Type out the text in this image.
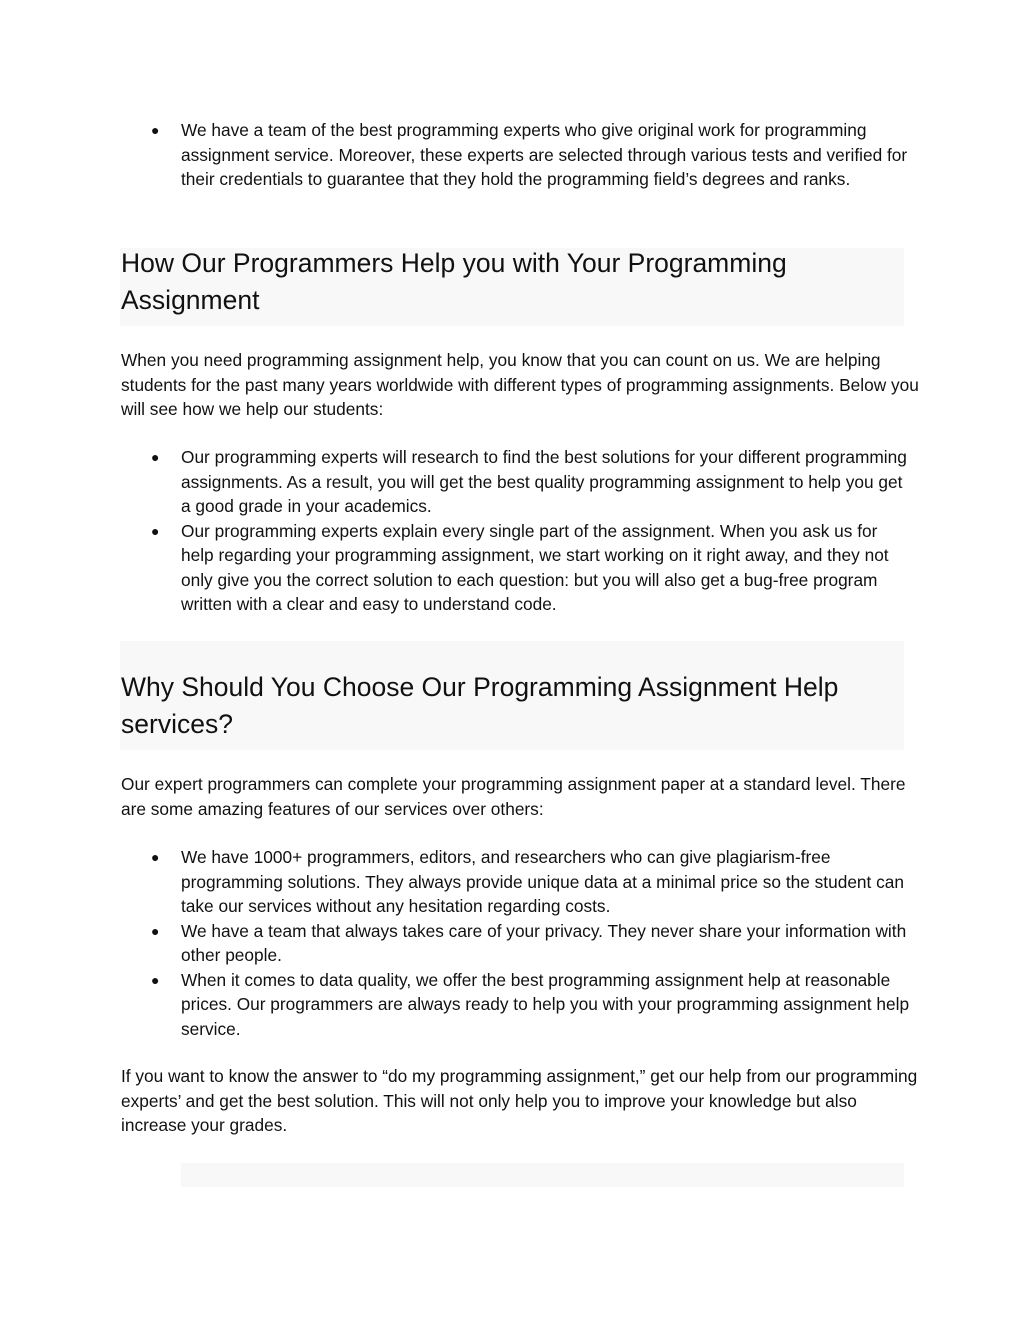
● We have a team of the best programming experts who give original work for programming assignment service. Moreover, these experts are selected through various tests and verified for their credentials to guarantee that they hold the programming field’s degrees and ranks.
How Our Programmers Help you with Your Programming Assignment

When you need programming assignment help, you know that you can count on us. We are helping students for the past many years worldwide with different types of programming assignments. Below you will see how we help our students:

● Our programming experts will research to find the best solutions for your different programming assignments. As a result, you will get the best quality programming assignment to help you get a good grade in your academics.
● Our programming experts explain every single part of the assignment. When you ask us for help regarding your programming assignment, we start working on it right away, and they not only give you the correct solution to each question: but you will also get a bug-free program written with a clear and easy to understand code.
Why Should You Choose Our Programming Assignment Help services?

Our expert programmers can complete your programming assignment paper at a standard level. There are some amazing features of our services over others:

● We have 1000+ programmers, editors, and researchers who can give plagiarism-free programming solutions. They always provide unique data at a minimal price so the student can take our services without any hesitation regarding costs.
● We have a team that always takes care of your privacy. They never share your information with other people.
● When it comes to data quality, we offer the best programming assignment help at reasonable prices. Our programmers are always ready to help you with your programming assignment help service.

If you want to know the answer to “do my programming assignment,” get our help from our programming experts’ and get the best solution. This will not only help you to improve your knowledge but also increase your grades.
